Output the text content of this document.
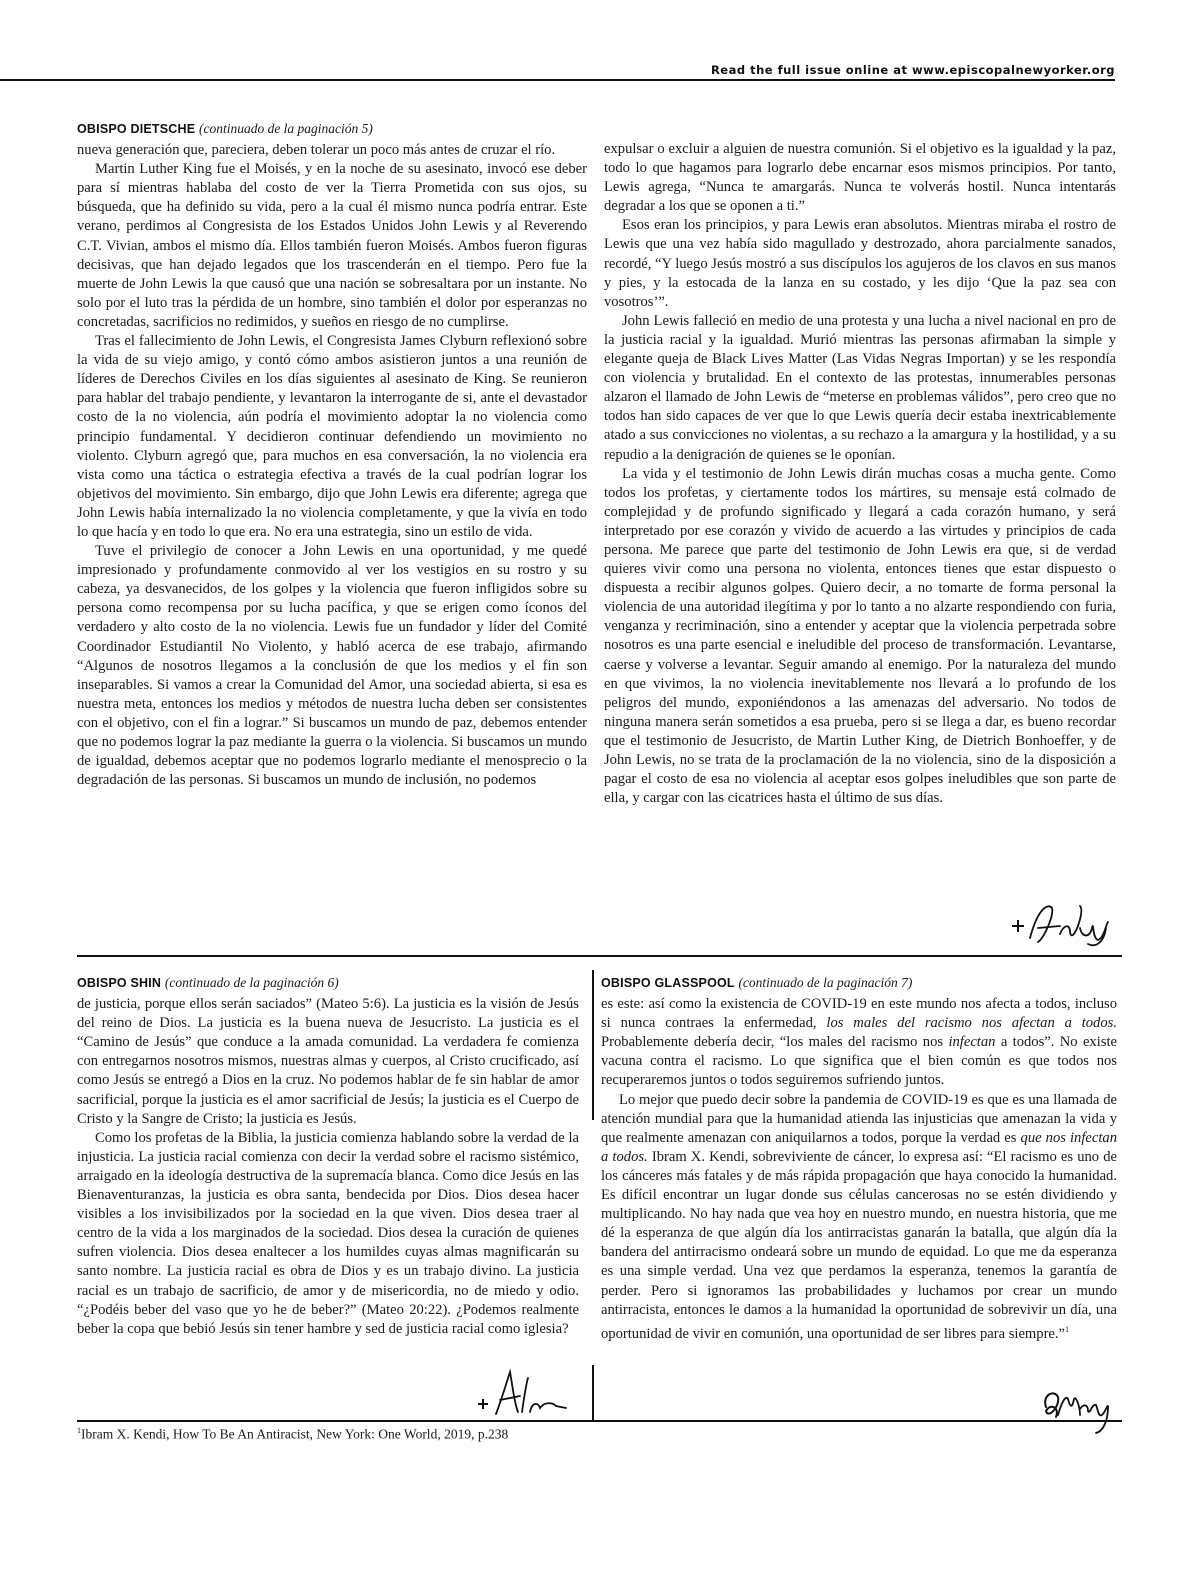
Read the full issue online at www.episcopalnewyorker.org
OBISPO DIETSCHE (continuado de la paginación 5)

nueva generación que, pareciera, deben tolerar un poco más antes de cruzar el río.

Martin Luther King fue el Moisés, y en la noche de su asesinato, invocó ese deber para sí mientras hablaba del costo de ver la Tierra Prometida con sus ojos, su búsqueda, que ha definido su vida, pero a la cual él mismo nunca podría entrar. Este verano, perdimos al Congresista de los Estados Unidos John Lewis y al Reverendo C.T. Vivian, ambos el mismo día. Ellos también fueron Moisés. Ambos fueron figuras decisivas, que han dejado legados que los trascenderán en el tiempo. Pero fue la muerte de John Lewis la que causó que una nación se sobresaltara por un instante. No solo por el luto tras la pérdida de un hombre, sino también el dolor por esperanzas no concretadas, sacrificios no redimidos, y sueños en riesgo de no cumplirse.

Tras el fallecimiento de John Lewis, el Congresista James Clyburn reflexionó sobre la vida de su viejo amigo, y contó cómo ambos asistieron juntos a una reunión de líderes de Derechos Civiles en los días siguientes al asesinato de King. Se reunieron para hablar del trabajo pendiente, y levantaron la interrogante de si, ante el devastador costo de la no violencia, aún podría el movimiento adoptar la no violencia como principio fundamental. Y decidieron continuar defendiendo un movimiento no violento. Clyburn agregó que, para muchos en esa conversación, la no violencia era vista como una táctica o estrategia efectiva a través de la cual podrían lograr los objetivos del movimiento. Sin embargo, dijo que John Lewis era diferente; agrega que John Lewis había internalizado la no violencia completamente, y que la vivía en todo lo que hacía y en todo lo que era. No era una estrategia, sino un estilo de vida.

Tuve el privilegio de conocer a John Lewis en una oportunidad, y me quedé impresionado y profundamente conmovido al ver los vestigios en su rostro y su cabeza, ya desvanecidos, de los golpes y la violencia que fueron infligidos sobre su persona como recompensa por su lucha pacífica, y que se erigen como íconos del verdadero y alto costo de la no violencia. Lewis fue un fundador y líder del Comité Coordinador Estudiantil No Violento, y habló acerca de ese trabajo, afirmando “Algunos de nosotros llegamos a la conclusión de que los medios y el fin son inseparables. Si vamos a crear la Comunidad del Amor, una sociedad abierta, si esa es nuestra meta, entonces los medios y métodos de nuestra lucha deben ser consistentes con el objetivo, con el fin a lograr.” Si buscamos un mundo de paz, debemos entender que no podemos lograr la paz mediante la guerra o la violencia. Si buscamos un mundo de igualdad, debemos aceptar que no podemos lograrlo mediante el menosprecio o la degradación de las personas. Si buscamos un mundo de inclusión, no podemos

expulsar o excluir a alguien de nuestra comunión. Si el objetivo es la igualdad y la paz, todo lo que hagamos para lograrlo debe encarnar esos mismos principios. Por tanto, Lewis agrega, “Nunca te amargarás. Nunca te volverás hostil. Nunca intentarás degradar a los que se oponen a ti.”

Esos eran los principios, y para Lewis eran absolutos. Mientras miraba el rostro de Lewis que una vez había sido magullado y destrozado, ahora parcialmente sanados, recordé, “Y luego Jesús mostró a sus discípulos los agujeros de los clavos en sus manos y pies, y la estocada de la lanza en su costado, y les dijo ‘Que la paz sea con vosotros’”.

John Lewis falleció en medio de una protesta y una lucha a nivel nacional en pro de la justicia racial y la igualdad. Murió mientras las personas afirmaban la simple y elegante queja de Black Lives Matter (Las Vidas Negras Importan) y se les respondía con violencia y brutalidad. En el contexto de las protestas, innumerables personas alzaron el llamado de John Lewis de “meterse en problemas válidos”, pero creo que no todos han sido capaces de ver que lo que Lewis quería decir estaba inextricablemente atado a sus convicciones no violentas, a su rechazo a la amargura y la hostilidad, y a su repudio a la denigración de quienes se le oponían.

La vida y el testimonio de John Lewis dirán muchas cosas a mucha gente. Como todos los profetas, y ciertamente todos los mártires, su mensaje está colmado de complejidad y de profundo significado y llegará a cada corazón humano, y será interpretado por ese corazón y vivido de acuerdo a las virtudes y principios de cada persona. Me parece que parte del testimonio de John Lewis era que, si de verdad quieres vivir como una persona no violenta, entonces tienes que estar dispuesto o dispuesta a recibir algunos golpes. Quiero decir, a no tomarte de forma personal la violencia de una autoridad ilegítima y por lo tanto a no alzarte respondiendo con furia, venganza y recriminación, sino a entender y aceptar que la violencia perpetrada sobre nosotros es una parte esencial e ineludible del proceso de transformación. Levantarse, caerse y volverse a levantar. Seguir amando al enemigo. Por la naturaleza del mundo en que vivimos, la no violencia inevitablemente nos llevará a lo profundo de los peligros del mundo, exponiéndonos a las amenazas del adversario. No todos de ninguna manera serán sometidos a esa prueba, pero si se llega a dar, es bueno recordar que el testimonio de Jesucristo, de Martin Luther King, de Dietrich Bonhoeffer, y de John Lewis, no se trata de la proclamación de la no violencia, sino de la disposición a pagar el costo de esa no violencia al aceptar esos golpes ineludibles que son parte de ella, y cargar con las cicatrices hasta el último de sus días.

OBISPO SHIN (continuado de la paginación 6)

de justicia, porque ellos serán saciados” (Mateo 5:6). La justicia es la visión de Jesús del reino de Dios. La justicia es la buena nueva de Jesucristo. La justicia es el “Camino de Jesús” que conduce a la amada comunidad. La verdadera fe comienza con entregarnos nosotros mismos, nuestras almas y cuerpos, al Cristo crucificado, así como Jesús se entregó a Dios en la cruz. No podemos hablar de fe sin hablar de amor sacrificial, porque la justicia es el amor sacrificial de Jesús; la justicia es el Cuerpo de Cristo y la Sangre de Cristo; la justicia es Jesús.

Como los profetas de la Biblia, la justicia comienza hablando sobre la verdad de la injusticia. La justicia racial comienza con decir la verdad sobre el racismo sistémico, arraigado en la ideología destructiva de la supremacía blanca. Como dice Jesús en las Bienaventuranzas, la justicia es obra santa, bendecida por Dios. Dios desea hacer visibles a los invisibilizados por la sociedad en la que viven. Dios desea traer al centro de la vida a los marginados de la sociedad. Dios desea la curación de quienes sufren violencia. Dios desea enaltecer a los humildes cuyas almas magnificarán su santo nombre. La justicia racial es obra de Dios y es un trabajo divino. La justicia racial es un trabajo de sacrificio, de amor y de misericordia, no de miedo y odio. “¿Podéis beber del vaso que yo he de beber?” (Mateo 20:22). ¿Podemos realmente beber la copa que bebió Jesús sin tener hambre y sed de justicia racial como iglesia?

OBISPO GLASSPOOL (continuado de la paginación 7)

es este: así como la existencia de COVID-19 en este mundo nos afecta a todos, incluso si nunca contraes la enfermedad, los males del racismo nos afectan a todos. Probablemente debería decir, “los males del racismo nos infectan a todos”. No existe vacuna contra el racismo. Lo que significa que el bien común es que todos nos recuperaremos juntos o todos seguiremos sufriendo juntos.

Lo mejor que puedo decir sobre la pandemia de COVID-19 es que es una llamada de atención mundial para que la humanidad atienda las injusticias que amenazan la vida y que realmente amenazan con aniquilarnos a todos, porque la verdad es que nos infectan a todos. Ibram X. Kendi, sobreviviente de cáncer, lo expresa así: “El racismo es uno de los cánceres más fatales y de más rápida propagación que haya conocido la humanidad. Es difícil encontrar un lugar donde sus células cancerosas no se estén dividiendo y multiplicando. No hay nada que vea hoy en nuestro mundo, en nuestra historia, que me dé la esperanza de que algún día los antirracistas ganarán la batalla, que algún día la bandera del antirracismo ondeará sobre un mundo de equidad. Lo que me da esperanza es una simple verdad. Una vez que perdamos la esperanza, tenemos la garantía de perder. Pero si ignoramos las probabilidades y luchamos por crear un mundo antirracista, entonces le damos a la humanidad la oportunidad de sobrevivir un día, una oportunidad de vivir en comunión, una oportunidad de ser libres para siempre.”$^1$

$^1$Ibram X. Kendi, How To Be An Antiracist, New York: One World, 2019, p.238
